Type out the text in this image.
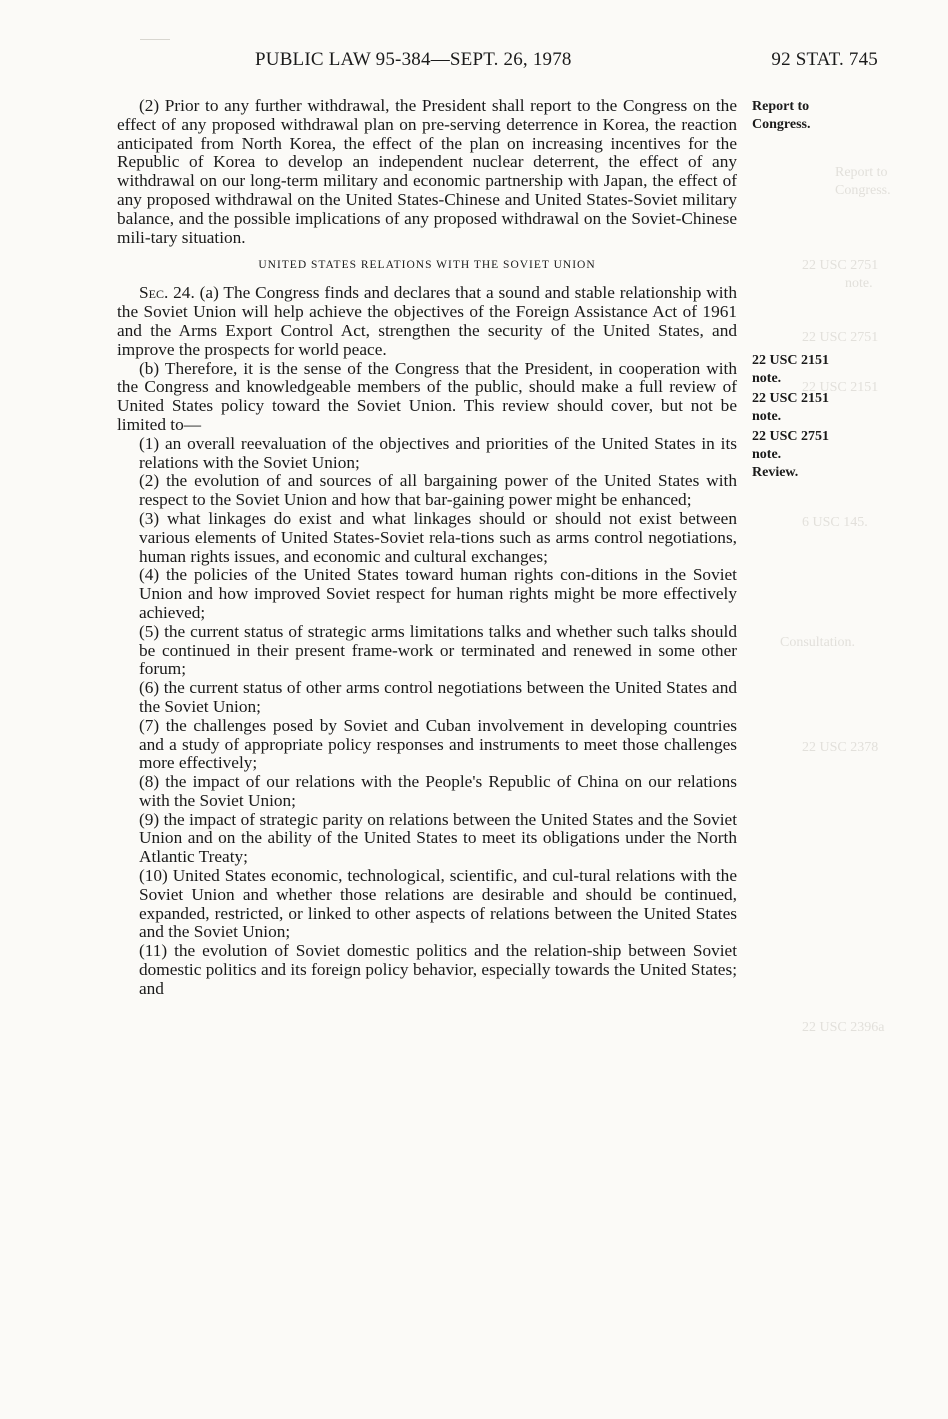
PUBLIC LAW 95-384—SEPT. 26, 1978	92 STAT. 745
Report to
Congress.
22 USC 2751
note.
22 USC 2751
22 USC 2151
6 USC 145.
Consultation.
22 USC 2378
22 USC 2396a

(2) Prior to any further withdrawal, the President shall report to the Congress on the effect of any proposed withdrawal plan on pre-serving deterrence in Korea, the reaction anticipated from North Korea, the effect of the plan on increasing incentives for the Republic of Korea to develop an independent nuclear deterrent, the effect of any withdrawal on our long-term military and economic partnership with Japan, the effect of any proposed withdrawal on the United States-Chinese and United States-Soviet military balance, and the possible implications of any proposed withdrawal on the Soviet-Chinese mili-tary situation.

UNITED STATES RELATIONS WITH THE SOVIET UNION

Sec. 24. (a) The Congress finds and declares that a sound and stable relationship with the Soviet Union will help achieve the objectives of the Foreign Assistance Act of 1961 and the Arms Export Control Act, strengthen the security of the United States, and improve the prospects for world peace.

(b) Therefore, it is the sense of the Congress that the President, in cooperation with the Congress and knowledgeable members of the public, should make a full review of United States policy toward the Soviet Union. This review should cover, but not be limited to—

(1) an overall reevaluation of the objectives and priorities of the United States in its relations with the Soviet Union;

(2) the evolution of and sources of all bargaining power of the United States with respect to the Soviet Union and how that bar-gaining power might be enhanced;

(3) what linkages do exist and what linkages should or should not exist between various elements of United States-Soviet rela-tions such as arms control negotiations, human rights issues, and economic and cultural exchanges;

(4) the policies of the United States toward human rights con-ditions in the Soviet Union and how improved Soviet respect for human rights might be more effectively achieved;

(5) the current status of strategic arms limitations talks and whether such talks should be continued in their present frame-work or terminated and renewed in some other forum;

(6) the current status of other arms control negotiations between the United States and the Soviet Union;

(7) the challenges posed by Soviet and Cuban involvement in developing countries and a study of appropriate policy responses and instruments to meet those challenges more effectively;

(8) the impact of our relations with the People's Republic of China on our relations with the Soviet Union;

(9) the impact of strategic parity on relations between the United States and the Soviet Union and on the ability of the United States to meet its obligations under the North Atlantic Treaty;

(10) United States economic, technological, scientific, and cul-tural relations with the Soviet Union and whether those relations are desirable and should be continued, expanded, restricted, or linked to other aspects of relations between the United States and the Soviet Union;

(11) the evolution of Soviet domestic politics and the relation-ship between Soviet domestic politics and its foreign policy behavior, especially towards the United States; and

Report to
Congress.
22 USC 2151
note.
22 USC 2151
note.
22 USC 2751
note.
Review.
